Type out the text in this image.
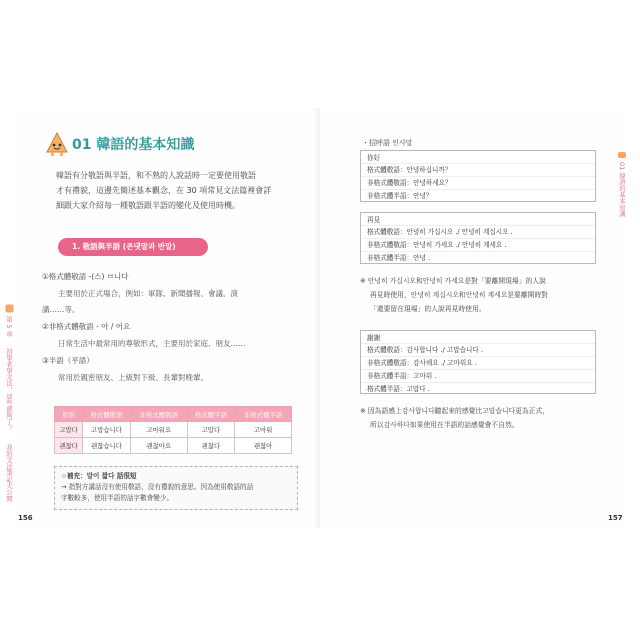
01 韓語的基本知識

韓語有分敬語與半語，和不熟的人說話時一定要使用敬語

才有禮貌，這邊先簡述基本觀念，在 30 項常見文法篇裡會詳

細跟大家介紹每一種敬語跟半語的變化及使用時機。

1. 敬語與半語 (존댓말과 반말)
①格式體敬語 -(스) ㅂ니다
主要用於正式場合，例如：軍隊、新聞播報、會議、演
講……等。
②非格式體敬語 - 아 / 어요
日常生活中最常用的尊敬形式，主要用於家庭、朋友……
③半語（平語）
常用於親密朋友、上級對下級、長輩對晚輩。
原形	格式體敬語	非格式體敬語	格式體半語	非格式體半語
고맙다	고맙습니다	고마워요	고맙다	고마워
괜찮다	괜찮습니다	괜찮아요	괜찮다	괜찮아
☆補充：말이 짧다 話很短
→ 指對方講話沒有使用敬語，沒有禮貌的意思。因為使用敬語的話
字數較多，使用半語的話字數會變少。
156
第 5 章
初學者學文法，這些就夠了！
我的文法筆記大公開
・招呼語 인사말
你好
格式體敬語：안녕하십니까？
非格式體敬語：안녕하세요？
非格式體半語：안녕？
再見
格式體敬語：안녕히 가십시오 ./ 안녕히 계십시오 .
非格式體敬語：안녕히 가세요 ./ 안녕히 계세요 .
非格式體半語：안녕 .
※ 안녕히 가십시오和안녕히 가세요是對「要離開現場」的人說
再見時使用，안녕히 계십시오和안녕히 계세요是要離開時對
「還要留在現場」的人說再見時使用。
謝謝
格式體敬語：감사합니다 ./ 고맙습니다 .
非格式體敬語：감사해요 ./ 고마워요 .
非格式體半語：고마워 .
格式體半語：고맙다 .
※ 因為語感上감사합니다聽起來的感覺比고맙습니다更為正式，
所以감사하다如果使用在半語的話感覺會不自然。
01 韓語的基本知識
157
